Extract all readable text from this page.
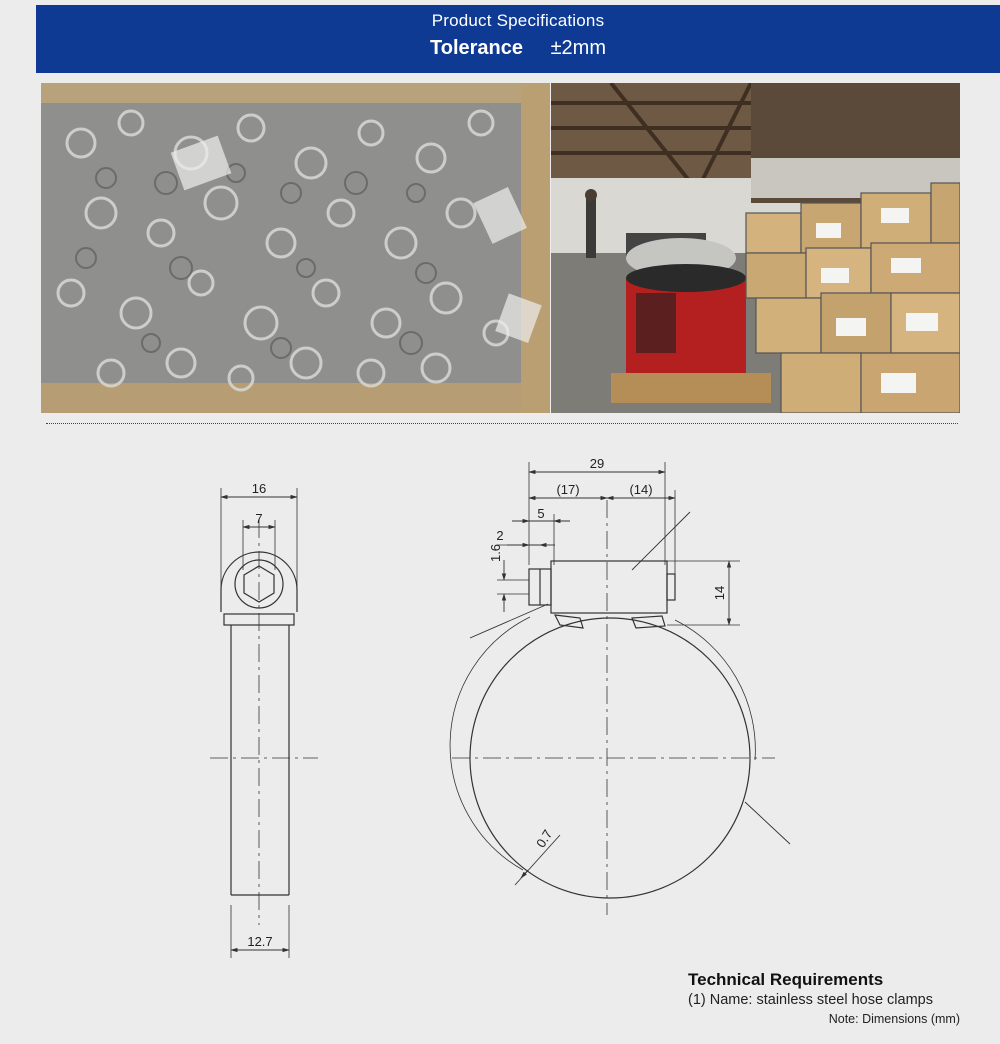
Product Specifications
Tolerance ±2mm
16
7
12.7
29
(17)	(14)
5
2
1.6
14
0.7
Technical Requirements
(1) Name: stainless steel hose clamps
Note: Dimensions (mm)
